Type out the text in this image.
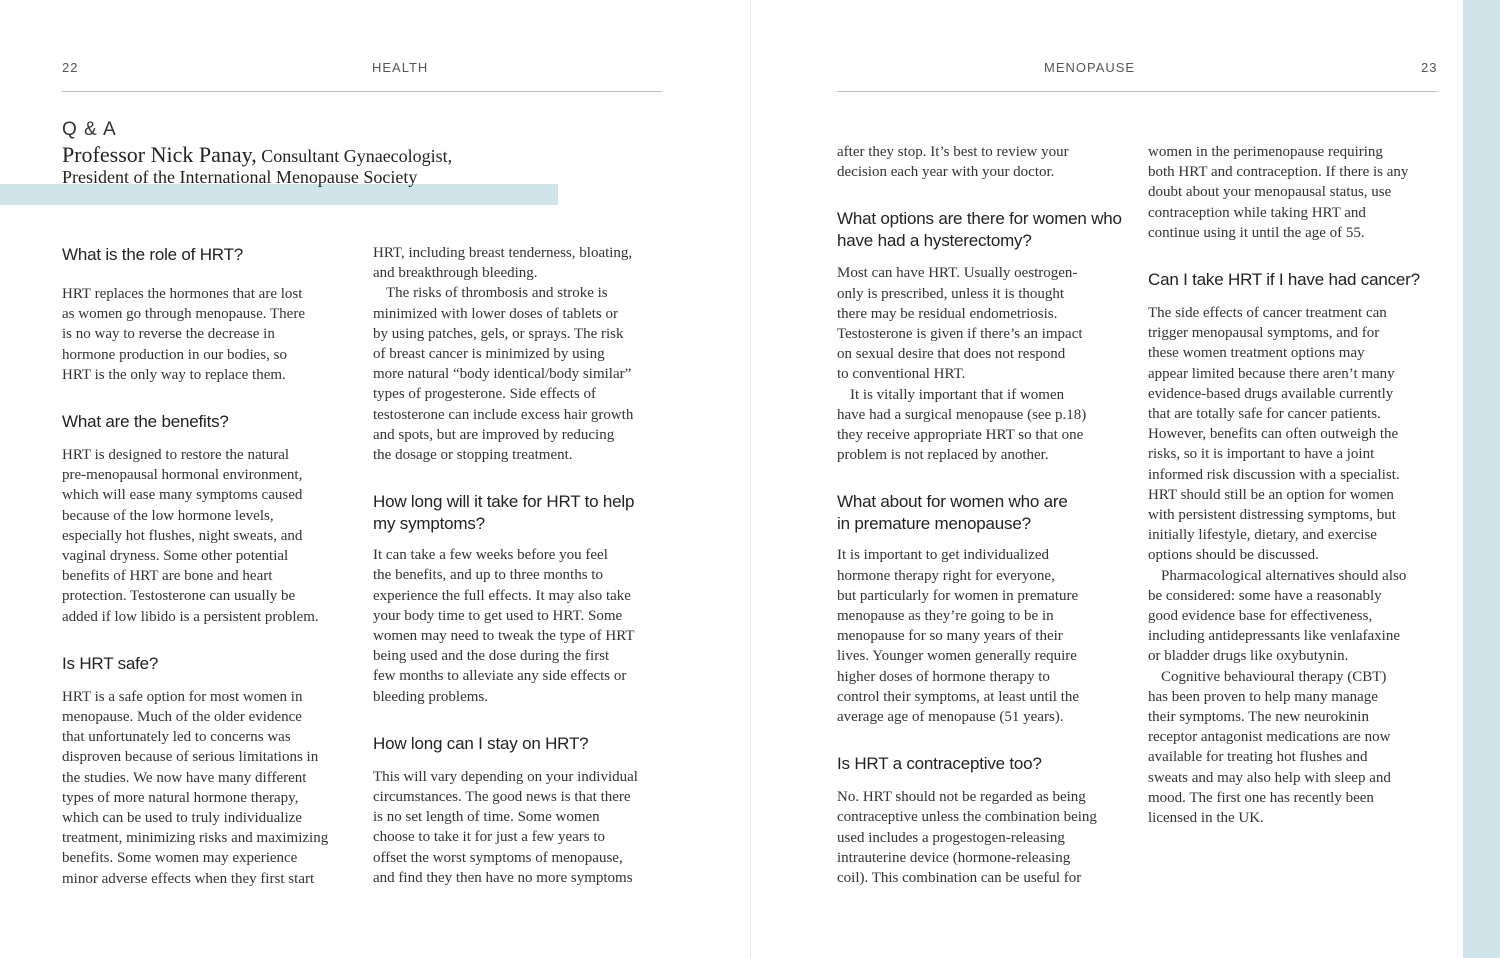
22	HEALTH	MENOPAUSE	23
Q & A
Professor Nick Panay, Consultant Gynaecologist,
President of the International Menopause Society
What is the role of HRT?

HRT replaces the hormones that are lost
as women go through menopause. There
is no way to reverse the decrease in
hormone production in our bodies, so
HRT is the only way to replace them.

What are the benefits?

HRT is designed to restore the natural
pre-menopausal hormonal environment,
which will ease many symptoms caused
because of the low hormone levels,
especially hot flushes, night sweats, and
vaginal dryness. Some other potential
benefits of HRT are bone and heart
protection. Testosterone can usually be
added if low libido is a persistent problem.

Is HRT safe?

HRT is a safe option for most women in
menopause. Much of the older evidence
that unfortunately led to concerns was
disproven because of serious limitations in
the studies. We now have many different
types of more natural hormone therapy,
which can be used to truly individualize
treatment, minimizing risks and maximizing
benefits. Some women may experience
minor adverse effects when they first start

HRT, including breast tenderness, bloating,
and breakthrough bleeding.

The risks of thrombosis and stroke is
minimized with lower doses of tablets or
by using patches, gels, or sprays. The risk
of breast cancer is minimized by using
more natural “body identical/body similar”
types of progesterone. Side effects of
testosterone can include excess hair growth
and spots, but are improved by reducing
the dosage or stopping treatment.

How long will it take for HRT to help
my symptoms?

It can take a few weeks before you feel
the benefits, and up to three months to
experience the full effects. It may also take
your body time to get used to HRT. Some
women may need to tweak the type of HRT
being used and the dose during the first
few months to alleviate any side effects or
bleeding problems.

How long can I stay on HRT?

This will vary depending on your individual
circumstances. The good news is that there
is no set length of time. Some women
choose to take it for just a few years to
offset the worst symptoms of menopause,
and find they then have no more symptoms

after they stop. It’s best to review your
decision each year with your doctor.

What options are there for women who
have had a hysterectomy?

Most can have HRT. Usually oestrogen-
only is prescribed, unless it is thought
there may be residual endometriosis.
Testosterone is given if there’s an impact
on sexual desire that does not respond
to conventional HRT.

It is vitally important that if women
have had a surgical menopause (see p.18)
they receive appropriate HRT so that one
problem is not replaced by another.

What about for women who are
in premature menopause?

It is important to get individualized
hormone therapy right for everyone,
but particularly for women in premature
menopause as they’re going to be in
menopause for so many years of their
lives. Younger women generally require
higher doses of hormone therapy to
control their symptoms, at least until the
average age of menopause (51 years).

Is HRT a contraceptive too?

No. HRT should not be regarded as being
contraceptive unless the combination being
used includes a progestogen-releasing
intrauterine device (hormone-releasing
coil). This combination can be useful for

women in the perimenopause requiring
both HRT and contraception. If there is any
doubt about your menopausal status, use
contraception while taking HRT and
continue using it until the age of 55.

Can I take HRT if I have had cancer?

The side effects of cancer treatment can
trigger menopausal symptoms, and for
these women treatment options may
appear limited because there aren’t many
evidence-based drugs available currently
that are totally safe for cancer patients.
However, benefits can often outweigh the
risks, so it is important to have a joint
informed risk discussion with a specialist.
HRT should still be an option for women
with persistent distressing symptoms, but
initially lifestyle, dietary, and exercise
options should be discussed.

Pharmacological alternatives should also
be considered: some have a reasonably
good evidence base for effectiveness,
including antidepressants like venlafaxine
or bladder drugs like oxybutynin.

Cognitive behavioural therapy (CBT)
has been proven to help many manage
their symptoms. The new neurokinin
receptor antagonist medications are now
available for treating hot flushes and
sweats and may also help with sleep and
mood. The first one has recently been
licensed in the UK.
